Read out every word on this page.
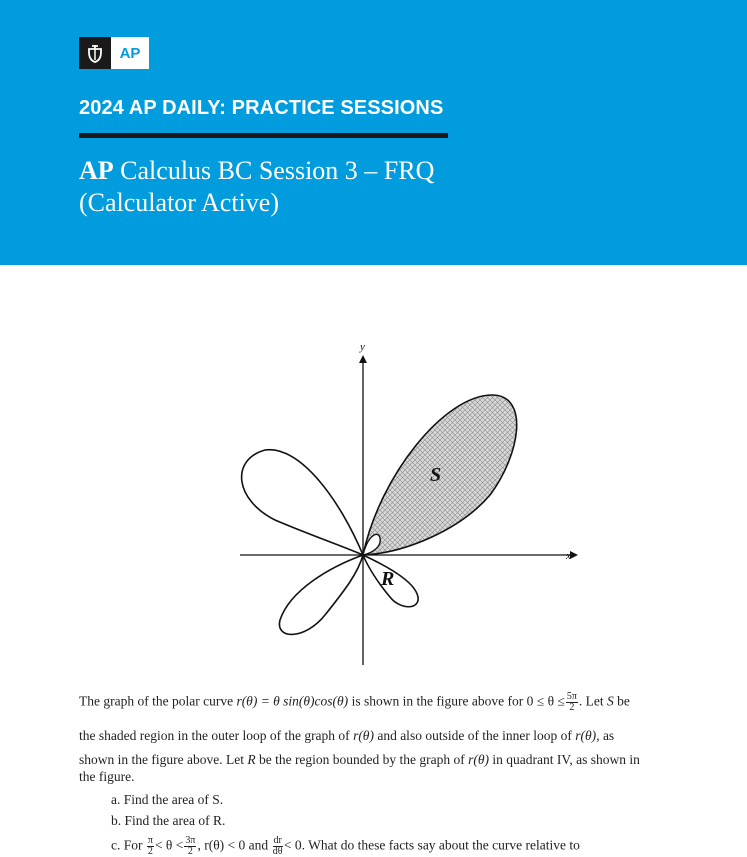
AP
2024 AP DAILY: PRACTICE SESSIONS
AP Calculus BC Session 3 – FRQ
(Calculator Active)
x
y
S
R
The graph of the polar curve r(θ) = θ sin(θ)cos(θ) is shown in the figure above for $0 \le \theta \le \frac{5\pi}{2}$ . Let S be
the shaded region in the outer loop of the graph of r(θ) and also outside of the inner loop of r(θ), as
shown in the figure above. Let R be the region bounded by the graph of r(θ) in quadrant IV, as shown in
the figure.
a. Find the area of S.
b. Find the area of R.
c. For $\frac{\pi}{2} < \theta < \frac{3\pi}{2}$ , r(θ) < 0 and $\frac{dr}{d\theta} < 0$. What do these facts say about the curve relative to
